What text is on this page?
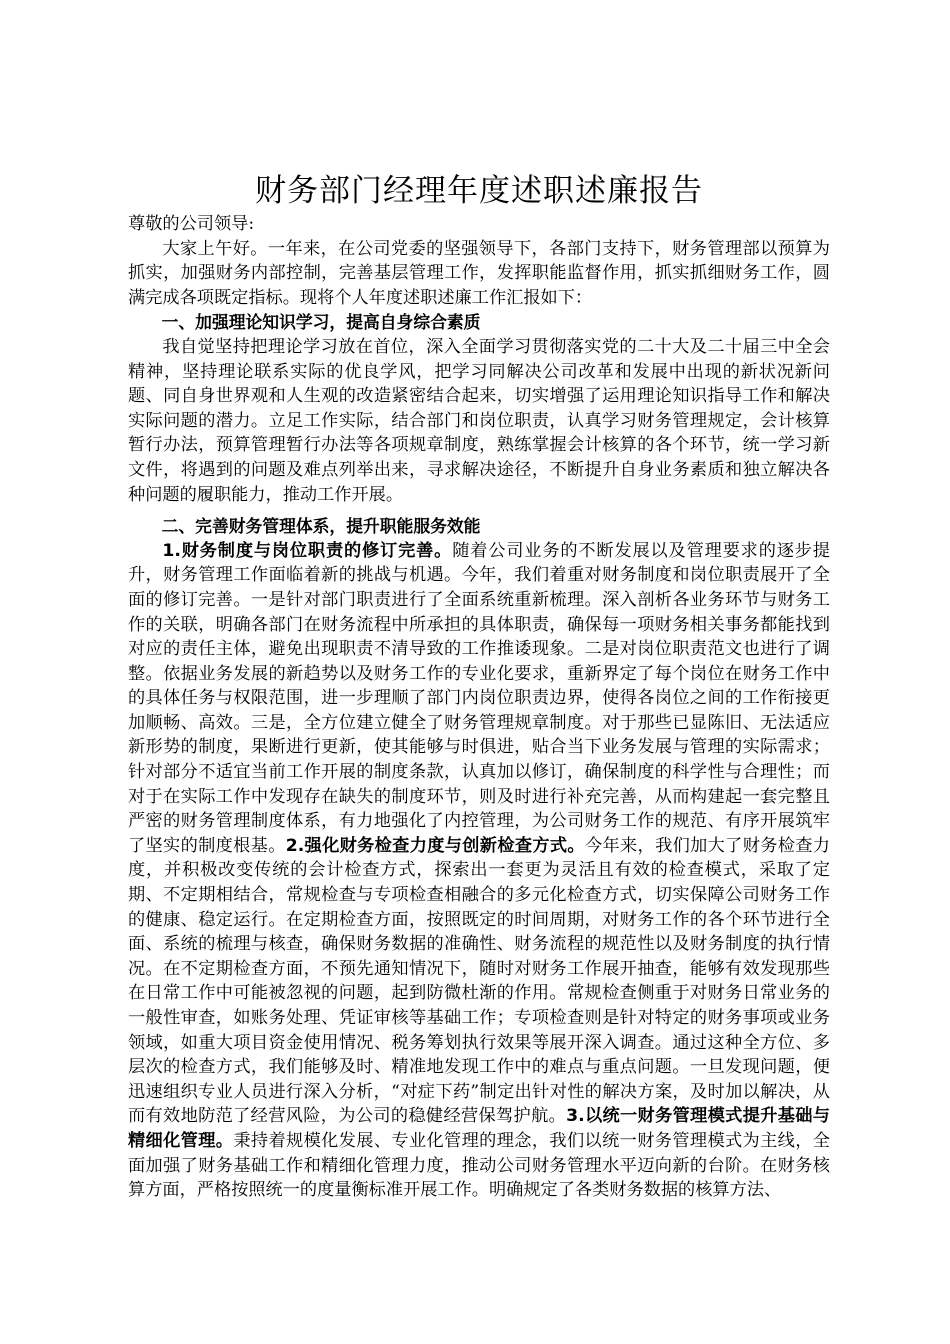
财务部门经理年度述职述廉报告

尊敬的公司领导:

大家上午好。一年来，在公司党委的坚强领导下，各部门支持下，财务管理部以预算为抓实，加强财务内部控制，完善基层管理工作，发挥职能监督作用，抓实抓细财务工作，圆满完成各项既定指标。现将个人年度述职述廉工作汇报如下：

一、加强理论知识学习，提高自身综合素质

我自觉坚持把理论学习放在首位，深入全面学习贯彻落实党的二十大及二十届三中全会精神，坚持理论联系实际的优良学风，把学习同解决公司改革和发展中出现的新状况新问题、同自身世界观和人生观的改造紧密结合起来，切实增强了运用理论知识指导工作和解决实际问题的潜力。立足工作实际，结合部门和岗位职责，认真学习财务管理规定，会计核算暂行办法，预算管理暂行办法等各项规章制度，熟练掌握会计核算的各个环节，统一学习新文件，将遇到的问题及难点列举出来，寻求解决途径，不断提升自身业务素质和独立解决各种问题的履职能力，推动工作开展。

二、完善财务管理体系，提升职能服务效能

1.财务制度与岗位职责的修订完善。随着公司业务的不断发展以及管理要求的逐步提升，财务管理工作面临着新的挑战与机遇。今年，我们着重对财务制度和岗位职责展开了全面的修订完善。一是针对部门职责进行了全面系统重新梳理。深入剖析各业务环节与财务工作的关联，明确各部门在财务流程中所承担的具体职责，确保每一项财务相关事务都能找到对应的责任主体，避免出现职责不清导致的工作推诿现象。二是对岗位职责范文也进行了调整。依据业务发展的新趋势以及财务工作的专业化要求，重新界定了每个岗位在财务工作中的具体任务与权限范围，进一步理顺了部门内岗位职责边界，使得各岗位之间的工作衔接更加顺畅、高效。三是，全方位建立健全了财务管理规章制度。对于那些已显陈旧、无法适应新形势的制度，果断进行更新，使其能够与时俱进，贴合当下业务发展与管理的实际需求；针对部分不适宜当前工作开展的制度条款，认真加以修订，确保制度的科学性与合理性；而对于在实际工作中发现存在缺失的制度环节，则及时进行补充完善，从而构建起一套完整且严密的财务管理制度体系，有力地强化了内控管理，为公司财务工作的规范、有序开展筑牢了坚实的制度根基。2.强化财务检查力度与创新检查方式。今年来，我们加大了财务检查力度，并积极改变传统的会计检查方式，探索出一套更为灵活且有效的检查模式，采取了定期、不定期相结合，常规检查与专项检查相融合的多元化检查方式，切实保障公司财务工作的健康、稳定运行。在定期检查方面，按照既定的时间周期，对财务工作的各个环节进行全面、系统的梳理与核查，确保财务数据的准确性、财务流程的规范性以及财务制度的执行情况。在不定期检查方面，不预先通知情况下，随时对财务工作展开抽查，能够有效发现那些在日常工作中可能被忽视的问题，起到防微杜渐的作用。常规检查侧重于对财务日常业务的一般性审查，如账务处理、凭证审核等基础工作；专项检查则是针对特定的财务事项或业务领域，如重大项目资金使用情况、税务筹划执行效果等展开深入调查。通过这种全方位、多层次的检查方式，我们能够及时、精准地发现工作中的难点与重点问题。一旦发现问题，便迅速组织专业人员进行深入分析，“对症下药”制定出针对性的解决方案，及时加以解决，从而有效地防范了经营风险，为公司的稳健经营保驾护航。3.以统一财务管理模式提升基础与精细化管理。秉持着规模化发展、专业化管理的理念，我们以统一财务管理模式为主线，全面加强了财务基础工作和精细化管理力度，推动公司财务管理水平迈向新的台阶。在财务核算方面，严格按照统一的度量衡标准开展工作。明确规定了各类财务数据的核算方法、
